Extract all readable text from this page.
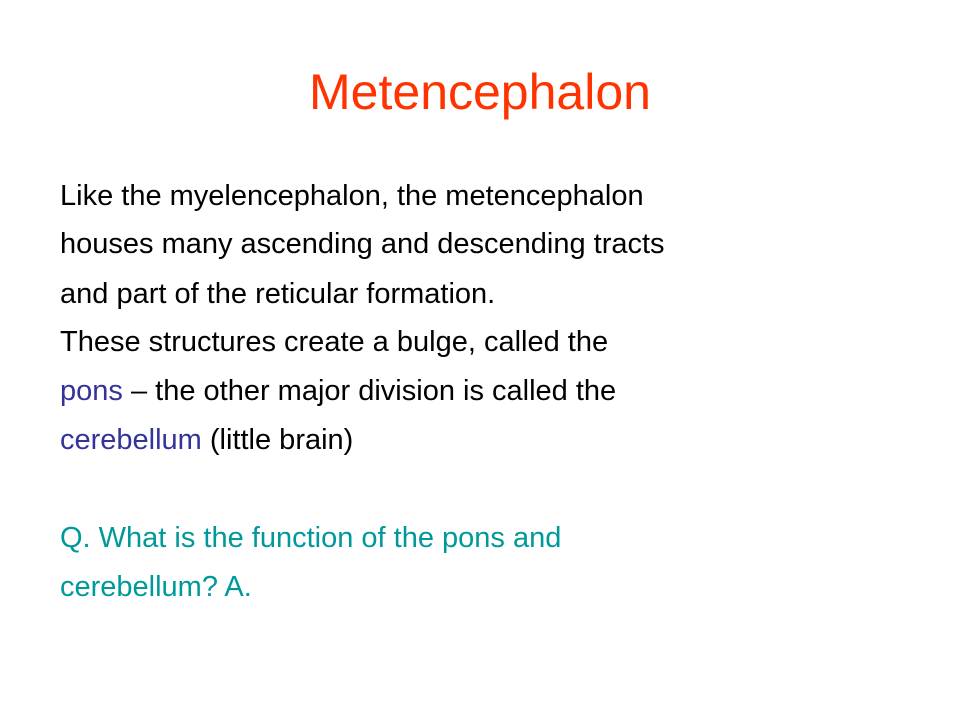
Metencephalon
Like the myelencephalon, the metencephalon
houses many ascending and descending tracts
and part of the reticular formation.
These structures create a bulge, called the
pons – the other major division is called the
cerebellum (little brain)
Q. What is the function of the pons and
cerebellum? A.
